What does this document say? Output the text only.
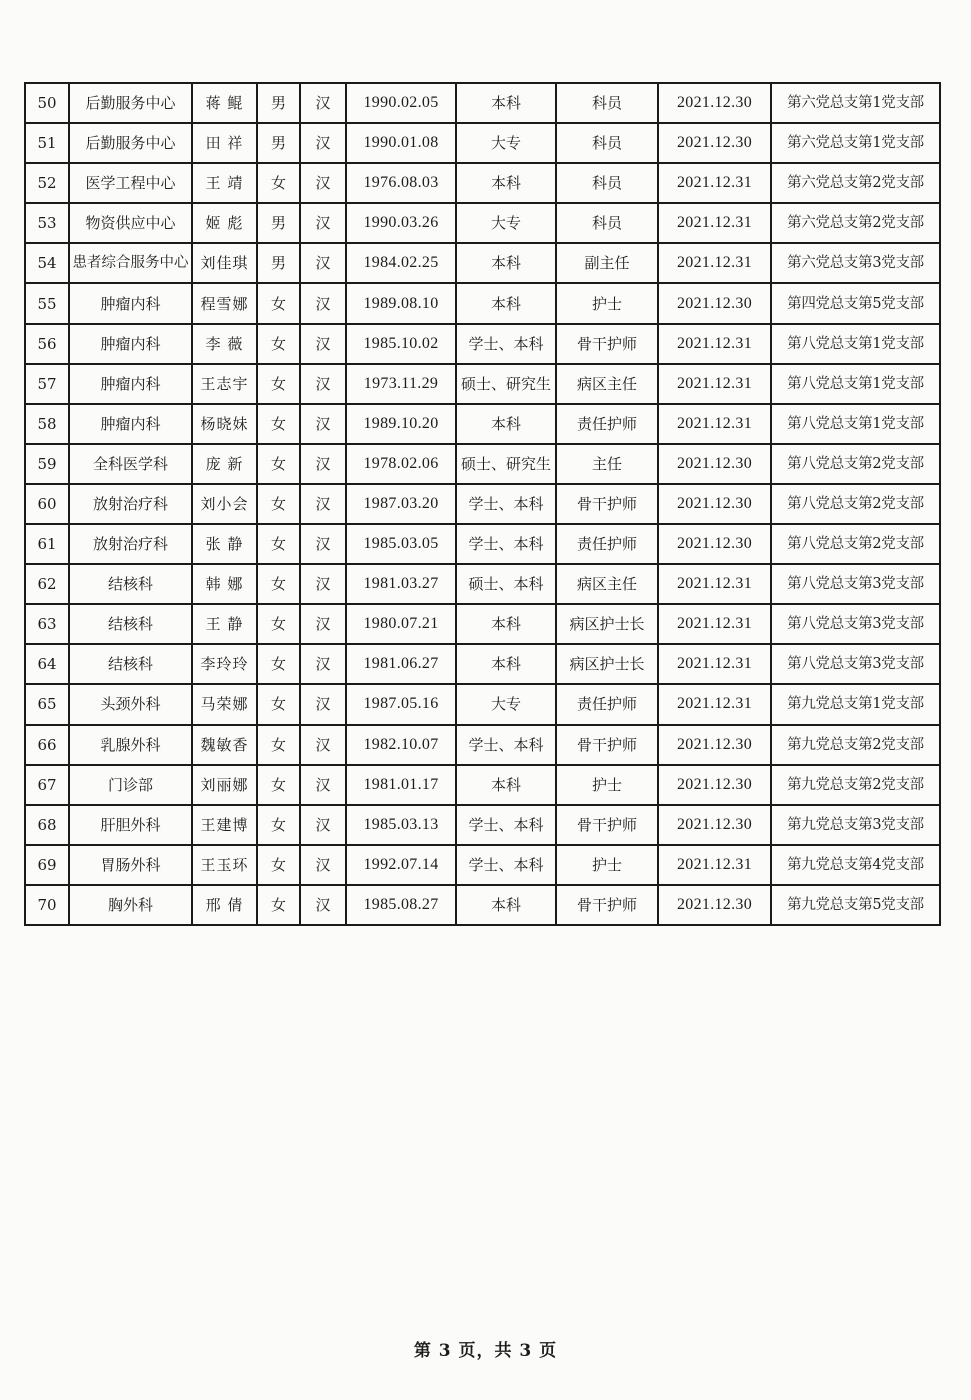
50	后勤服务中心	蒋 鲲	男	汉	1990.02.05	本科	科员	2021.12.30	第六党总支第1党支部
51	后勤服务中心	田 祥	男	汉	1990.01.08	大专	科员	2021.12.30	第六党总支第1党支部
52	医学工程中心	王 靖	女	汉	1976.08.03	本科	科员	2021.12.31	第六党总支第2党支部
53	物资供应中心	姬 彪	男	汉	1990.03.26	大专	科员	2021.12.31	第六党总支第2党支部
54	患者综合服务中心	刘佳琪	男	汉	1984.02.25	本科	副主任	2021.12.31	第六党总支第3党支部
55	肿瘤内科	程雪娜	女	汉	1989.08.10	本科	护士	2021.12.30	第四党总支第5党支部
56	肿瘤内科	李 薇	女	汉	1985.10.02	学士、本科	骨干护师	2021.12.31	第八党总支第1党支部
57	肿瘤内科	王志宇	女	汉	1973.11.29	硕士、研究生	病区主任	2021.12.31	第八党总支第1党支部
58	肿瘤内科	杨晓妹	女	汉	1989.10.20	本科	责任护师	2021.12.31	第八党总支第1党支部
59	全科医学科	庞 新	女	汉	1978.02.06	硕士、研究生	主任	2021.12.30	第八党总支第2党支部
60	放射治疗科	刘小会	女	汉	1987.03.20	学士、本科	骨干护师	2021.12.30	第八党总支第2党支部
61	放射治疗科	张 静	女	汉	1985.03.05	学士、本科	责任护师	2021.12.30	第八党总支第2党支部
62	结核科	韩 娜	女	汉	1981.03.27	硕士、本科	病区主任	2021.12.31	第八党总支第3党支部
63	结核科	王 静	女	汉	1980.07.21	本科	病区护士长	2021.12.31	第八党总支第3党支部
64	结核科	李玲玲	女	汉	1981.06.27	本科	病区护士长	2021.12.31	第八党总支第3党支部
65	头颈外科	马荣娜	女	汉	1987.05.16	大专	责任护师	2021.12.31	第九党总支第1党支部
66	乳腺外科	魏敏香	女	汉	1982.10.07	学士、本科	骨干护师	2021.12.30	第九党总支第2党支部
67	门诊部	刘丽娜	女	汉	1981.01.17	本科	护士	2021.12.30	第九党总支第2党支部
68	肝胆外科	王建博	女	汉	1985.03.13	学士、本科	骨干护师	2021.12.30	第九党总支第3党支部
69	胃肠外科	王玉环	女	汉	1992.07.14	学士、本科	护士	2021.12.31	第九党总支第4党支部
70	胸外科	邢 倩	女	汉	1985.08.27	本科	骨干护师	2021.12.30	第九党总支第5党支部
第 3 页，共 3 页
